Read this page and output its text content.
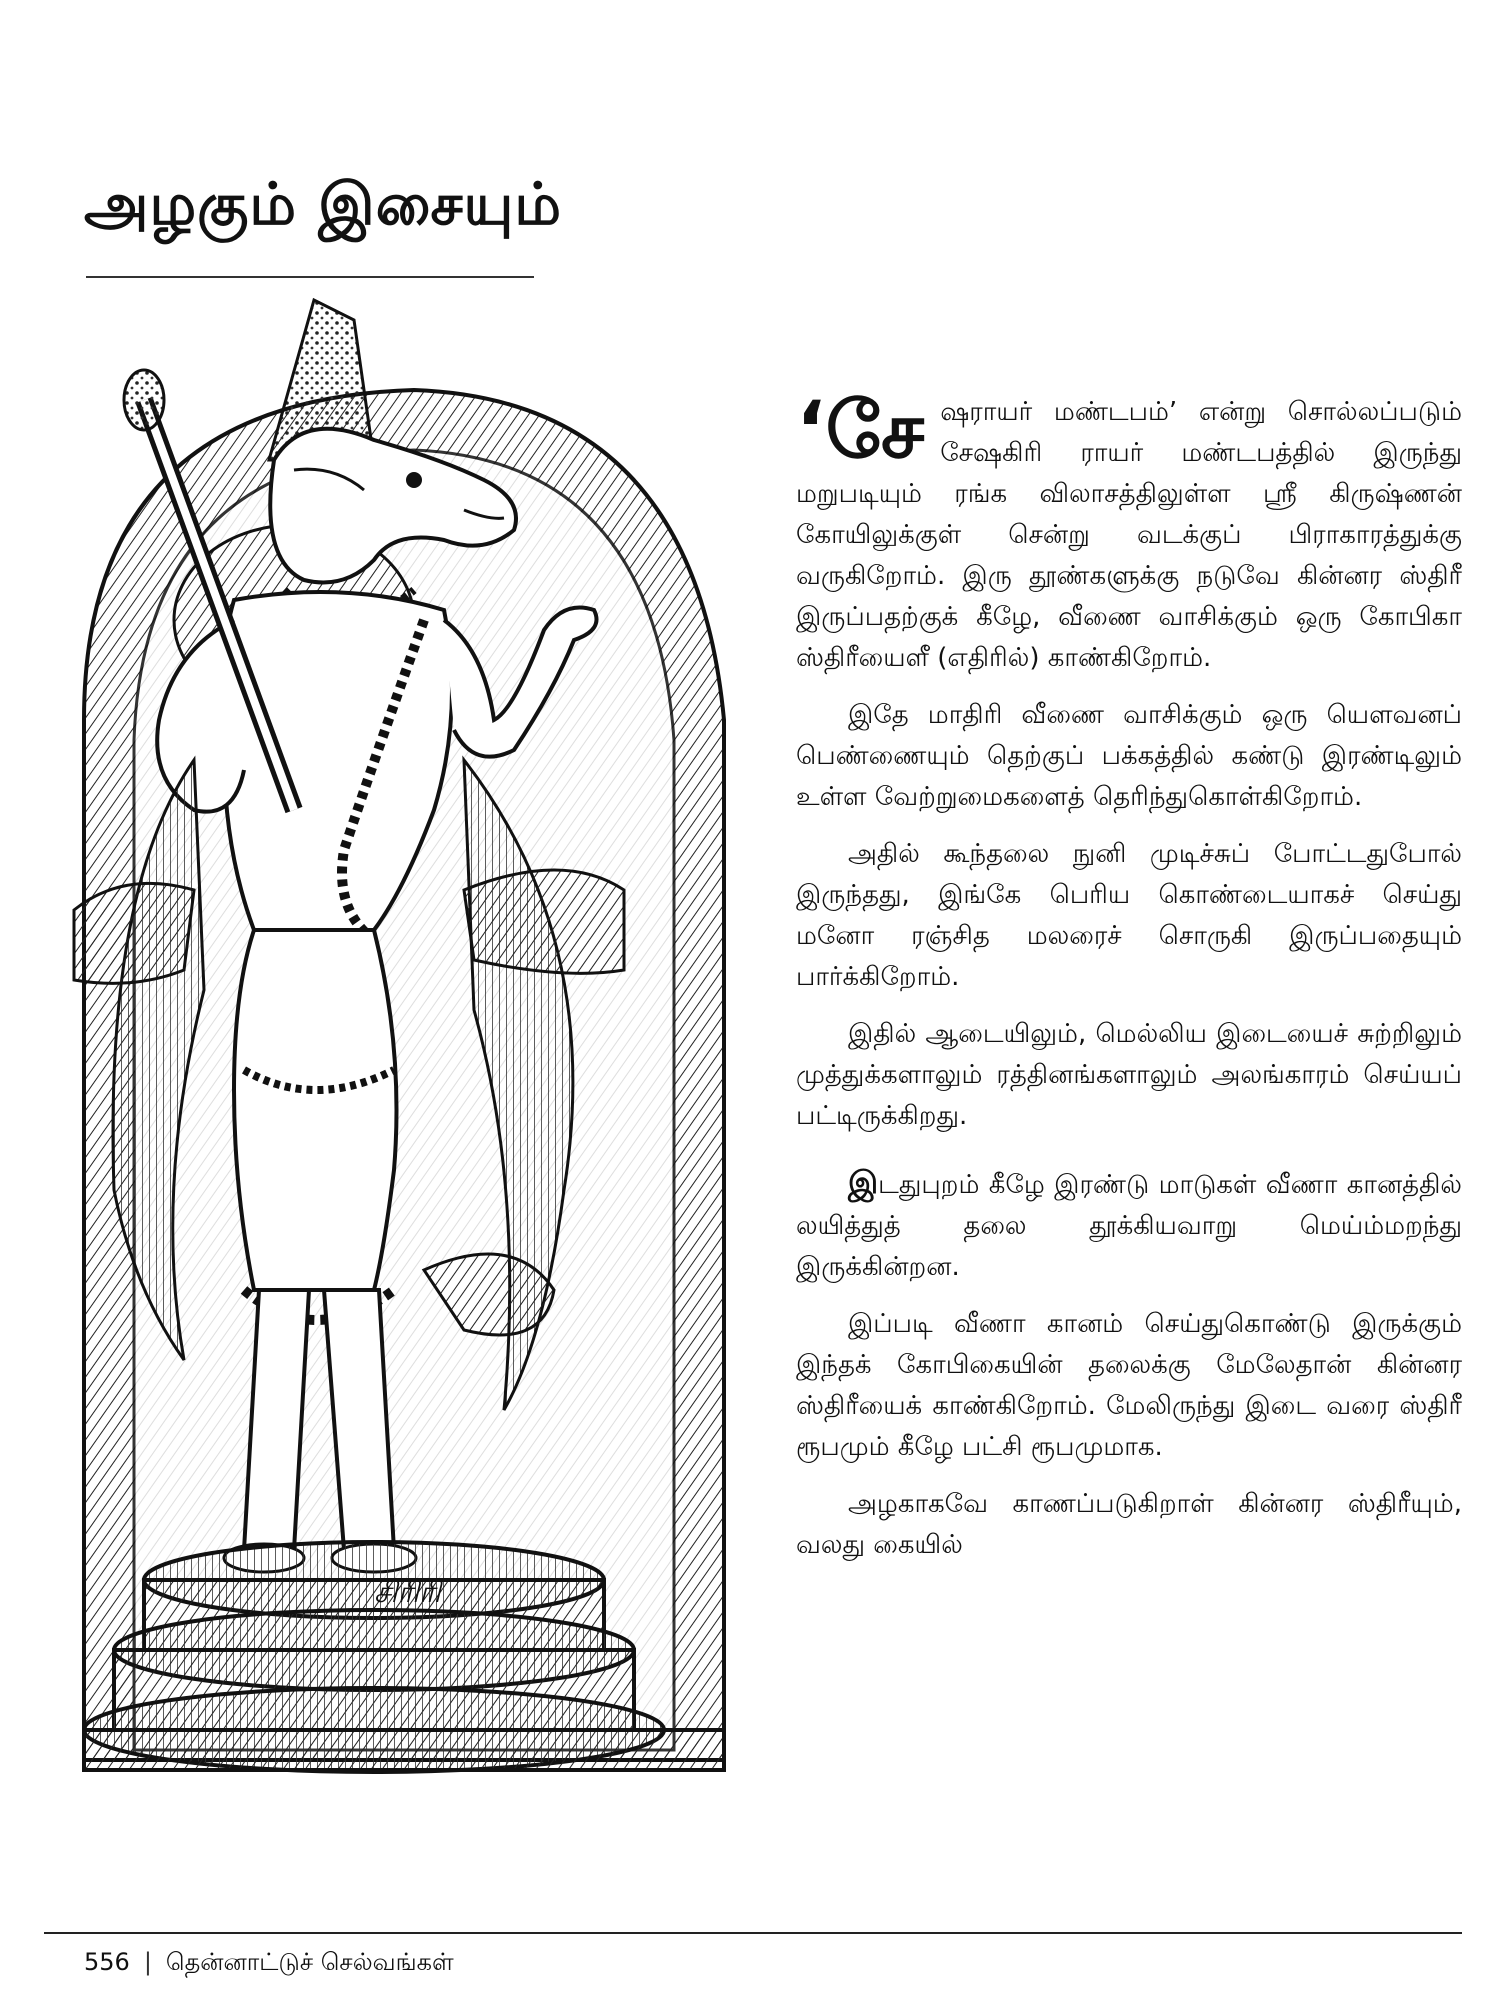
அழகும் இசையும்
சிரிரி

‘சேஷராயர் மண்டபம்’ என்று சொல்லப்படும் சேஷகிரி ராயர் மண்டபத்தில் இருந்து மறுபடியும் ரங்க விலாசத்திலுள்ள ஸ்ரீ கிருஷ்ணன் கோயிலுக்குள் சென்று வடக்குப் பிராகாரத்துக்கு வருகிறோம். இரு தூண்களுக்கு நடுவே கின்னர ஸ்திரீ இருப்பதற்குக் கீழே, வீணை வாசிக்கும் ஒரு கோபிகா ஸ்திரீயைளீ (எதிரில்) காண்கிறோம்.

இதே மாதிரி வீணை வாசிக்கும் ஒரு யௌவனப் பெண்ணையும் தெற்குப் பக்கத்தில் கண்டு இரண்டிலும் உள்ள வேற்றுமைகளைத் தெரிந்துகொள்கிறோம்.

அதில் கூந்தலை நுனி முடிச்சுப் போட்டதுபோல் இருந்தது, இங்கே பெரிய கொண்டையாகச் செய்து மனோ ரஞ்சித மலரைச் சொருகி இருப்பதையும் பார்க்கிறோம்.

இதில் ஆடையிலும், மெல்லிய இடையைச் சுற்றிலும் முத்துக்களாலும் ரத்தினங்களாலும் அலங்காரம் செய்யப் பட்டிருக்கிறது.

இடதுபுறம் கீழே இரண்டு மாடுகள் வீணா கானத்தில் லயித்துத் தலை தூக்கியவாறு மெய்ம்மறந்து இருக்கின்றன.

இப்படி வீணா கானம் செய்துகொண்டு இருக்கும் இந்தக் கோபிகையின் தலைக்கு மேலேதான் கின்னர ஸ்திரீயைக் காண்கிறோம். மேலிருந்து இடை வரை ஸ்திரீ ரூபமும் கீழே பட்சி ரூபமுமாக.

அழகாகவே காணப்படுகிறாள் கின்னர ஸ்திரீயும், வலது கையில்

556 | தென்னாட்டுச் செல்வங்கள்
